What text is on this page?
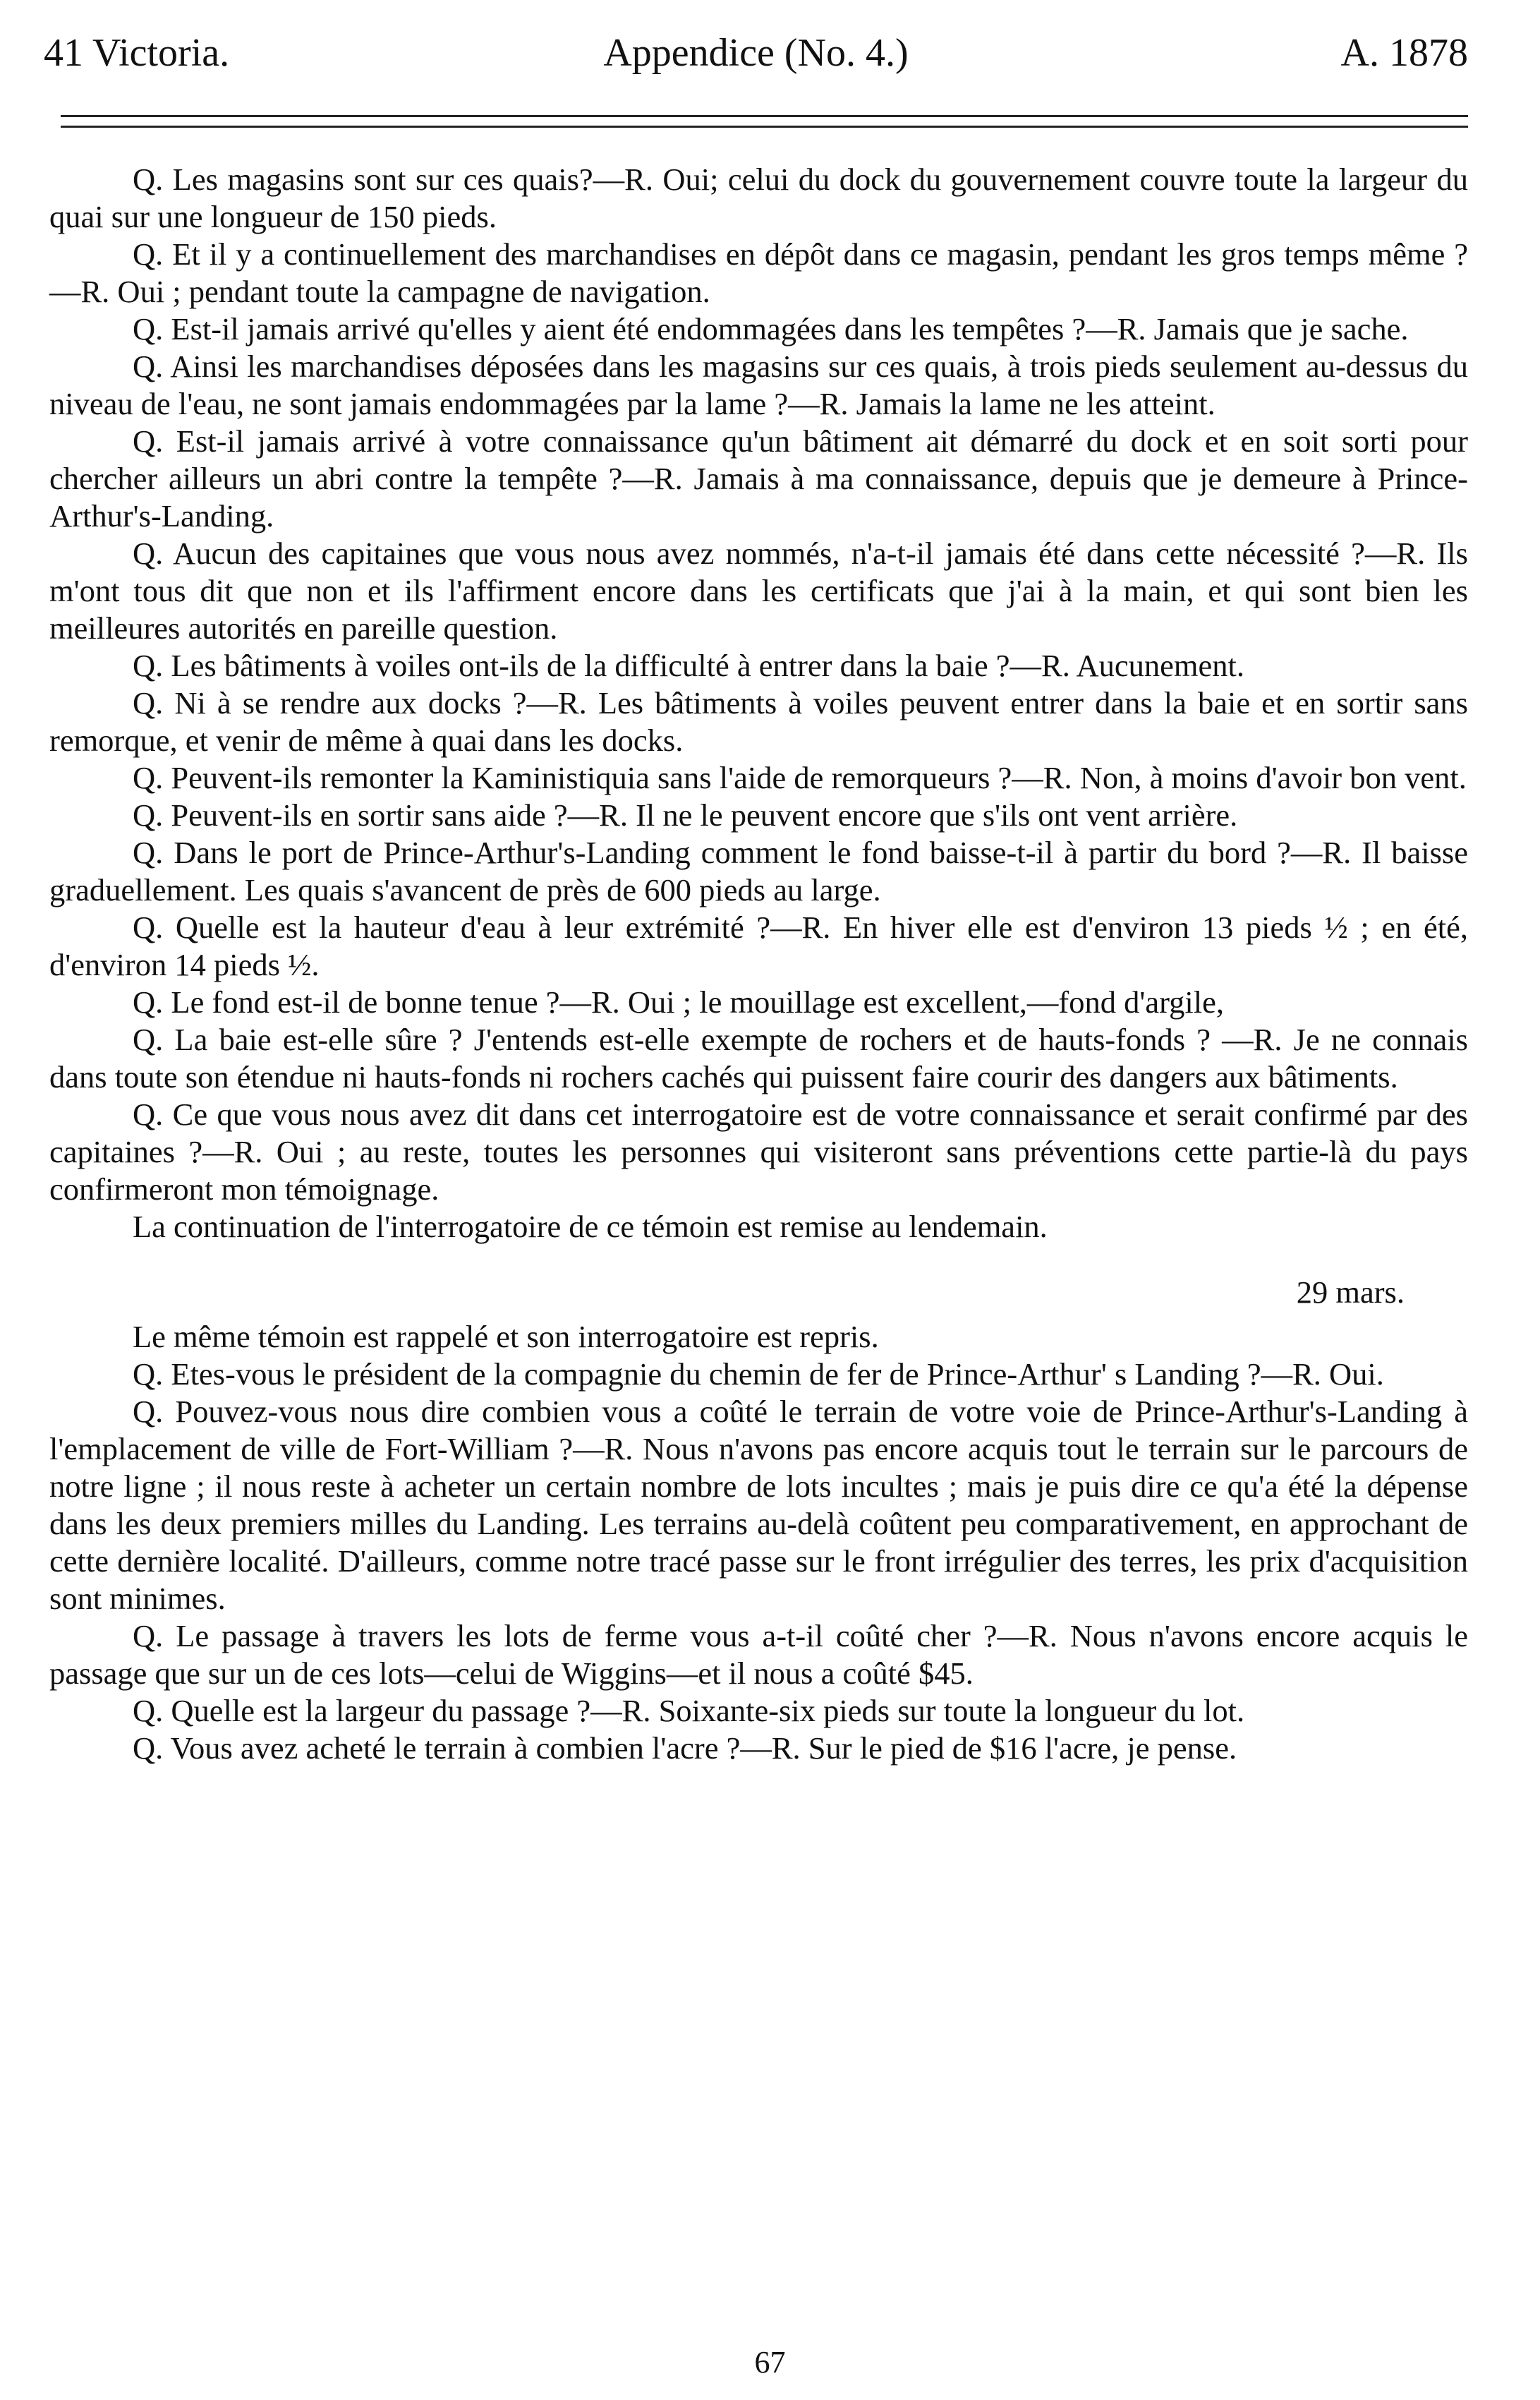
41 Victoria.	Appendice (No. 4.)	A. 1878

Q. Les magasins sont sur ces quais?—R. Oui; celui du dock du gouvernement couvre toute la largeur du quai sur une longueur de 150 pieds.

Q. Et il y a continuellement des marchandises en dépôt dans ce magasin, pendant les gros temps même ?—R. Oui ; pendant toute la campagne de navigation.

Q. Est-il jamais arrivé qu'elles y aient été endommagées dans les tempêtes ?—R. Jamais que je sache.

Q. Ainsi les marchandises déposées dans les magasins sur ces quais, à trois pieds seulement au-dessus du niveau de l'eau, ne sont jamais endommagées par la lame ?—R. Jamais la lame ne les atteint.

Q. Est-il jamais arrivé à votre connaissance qu'un bâtiment ait démarré du dock et en soit sorti pour chercher ailleurs un abri contre la tempête ?—R. Jamais à ma connaissance, depuis que je demeure à Prince-Arthur's-Landing.

Q. Aucun des capitaines que vous nous avez nommés, n'a-t-il jamais été dans cette nécessité ?—R. Ils m'ont tous dit que non et ils l'affirment encore dans les certificats que j'ai à la main, et qui sont bien les meilleures autorités en pareille question.

Q. Les bâtiments à voiles ont-ils de la difficulté à entrer dans la baie ?—R. Aucunement.

Q. Ni à se rendre aux docks ?—R. Les bâtiments à voiles peuvent entrer dans la baie et en sortir sans remorque, et venir de même à quai dans les docks.

Q. Peuvent-ils remonter la Kaministiquia sans l'aide de remorqueurs ?—R. Non, à moins d'avoir bon vent.

Q. Peuvent-ils en sortir sans aide ?—R. Il ne le peuvent encore que s'ils ont vent arrière.

Q. Dans le port de Prince-Arthur's-Landing comment le fond baisse-t-il à partir du bord ?—R. Il baisse graduellement. Les quais s'avancent de près de 600 pieds au large.

Q. Quelle est la hauteur d'eau à leur extrémité ?—R. En hiver elle est d'environ 13 pieds ½ ; en été, d'environ 14 pieds ½.

Q. Le fond est-il de bonne tenue ?—R. Oui ; le mouillage est excellent,—fond d'argile,

Q. La baie est-elle sûre ? J'entends est-elle exempte de rochers et de hauts-fonds ? —R. Je ne connais dans toute son étendue ni hauts-fonds ni rochers cachés qui puissent faire courir des dangers aux bâtiments.

Q. Ce que vous nous avez dit dans cet interrogatoire est de votre connaissance et serait confirmé par des capitaines ?—R. Oui ; au reste, toutes les personnes qui visiteront sans préventions cette partie-là du pays confirmeront mon témoignage.

La continuation de l'interrogatoire de ce témoin est remise au lendemain.

29 mars.

Le même témoin est rappelé et son interrogatoire est repris.

Q. Etes-vous le président de la compagnie du chemin de fer de Prince-Arthur' s Landing ?—R. Oui.

Q. Pouvez-vous nous dire combien vous a coûté le terrain de votre voie de Prince-Arthur's-Landing à l'emplacement de ville de Fort-William ?—R. Nous n'avons pas encore acquis tout le terrain sur le parcours de notre ligne ; il nous reste à acheter un certain nombre de lots incultes ; mais je puis dire ce qu'a été la dépense dans les deux premiers milles du Landing. Les terrains au-delà coûtent peu comparativement, en approchant de cette dernière localité. D'ailleurs, comme notre tracé passe sur le front irrégulier des terres, les prix d'acquisition sont minimes.

Q. Le passage à travers les lots de ferme vous a-t-il coûté cher ?—R. Nous n'avons encore acquis le passage que sur un de ces lots—celui de Wiggins—et il nous a coûté $45.

Q. Quelle est la largeur du passage ?—R. Soixante-six pieds sur toute la longueur du lot.

Q. Vous avez acheté le terrain à combien l'acre ?—R. Sur le pied de $16 l'acre, je pense.

67
